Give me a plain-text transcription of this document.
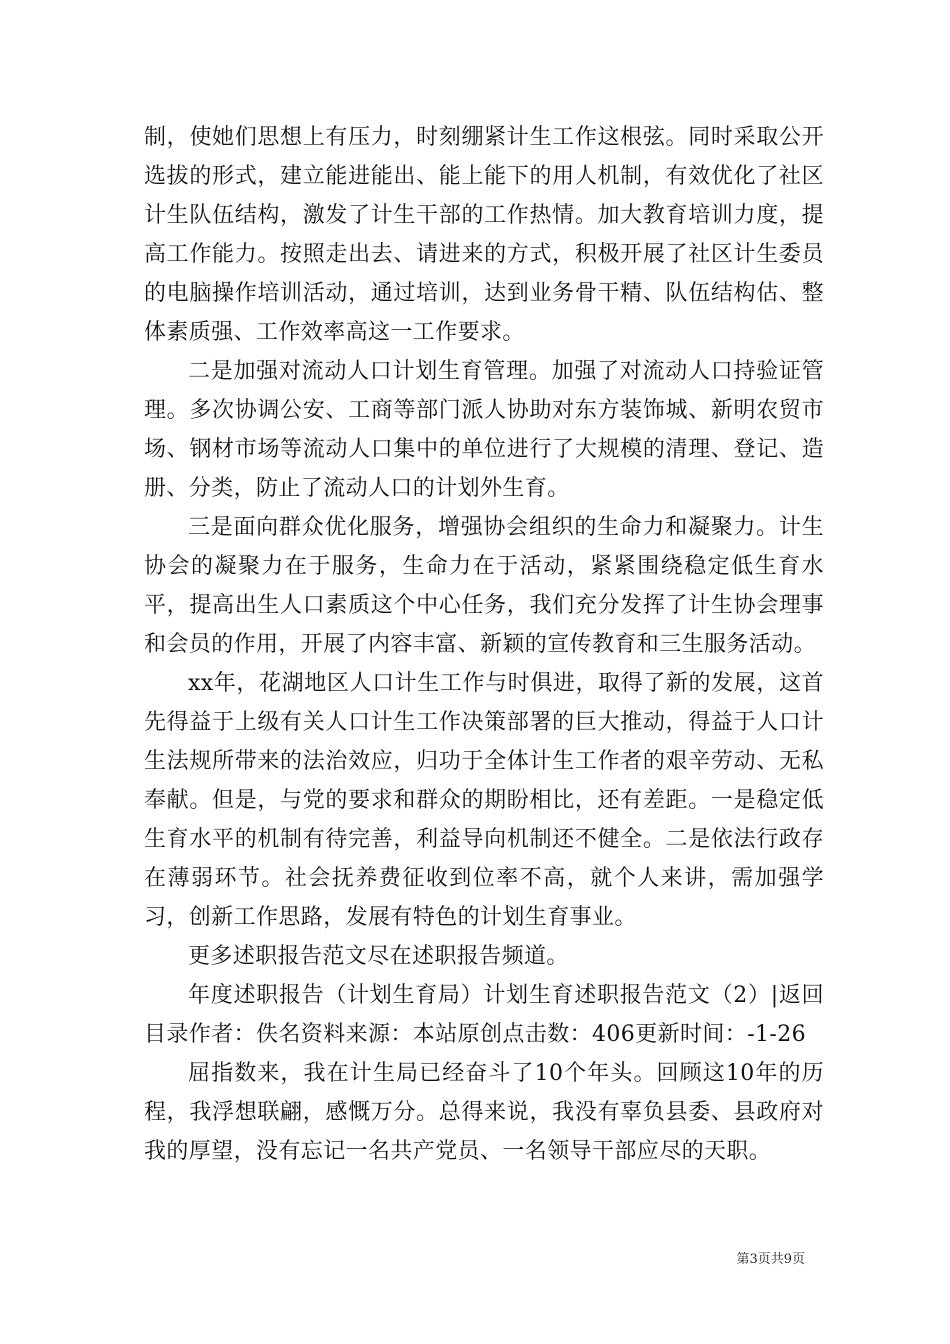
制，使她们思想上有压力，时刻绷紧计生工作这根弦。同时采取公开选拔的形式，建立能进能出、能上能下的用人机制，有效优化了社区计生队伍结构，激发了计生干部的工作热情。加大教育培训力度，提高工作能力。按照走出去、请进来的方式，积极开展了社区计生委员的电脑操作培训活动，通过培训，达到业务骨干精、队伍结构估、整体素质强、工作效率高这一工作要求。

二是加强对流动人口计划生育管理。加强了对流动人口持验证管理。多次协调公安、工商等部门派人协助对东方装饰城、新明农贸市场、钢材市场等流动人口集中的单位进行了大规模的清理、登记、造册、分类，防止了流动人口的计划外生育。

三是面向群众优化服务，增强协会组织的生命力和凝聚力。计生协会的凝聚力在于服务，生命力在于活动，紧紧围绕稳定低生育水平，提高出生人口素质这个中心任务，我们充分发挥了计生协会理事和会员的作用，开展了内容丰富、新颖的宣传教育和三生服务活动。

xx年，花湖地区人口计生工作与时俱进，取得了新的发展，这首先得益于上级有关人口计生工作决策部署的巨大推动，得益于人口计生法规所带来的法治效应，归功于全体计生工作者的艰辛劳动、无私奉献。但是，与党的要求和群众的期盼相比，还有差距。一是稳定低生育水平的机制有待完善，利益导向机制还不健全。二是依法行政存在薄弱环节。社会抚养费征收到位率不高，就个人来讲，需加强学习，创新工作思路，发展有特色的计划生育事业。

更多述职报告范文尽在述职报告频道。

年度述职报告（计划生育局）计划生育述职报告范文（2）|返回目录作者：佚名资料来源：本站原创点击数：406更新时间：-1-26

屈指数来，我在计生局已经奋斗了10个年头。回顾这10年的历程，我浮想联翩，感慨万分。总得来说，我没有辜负县委、县政府对我的厚望，没有忘记一名共产党员、一名领导干部应尽的天职。

第3页共9页
